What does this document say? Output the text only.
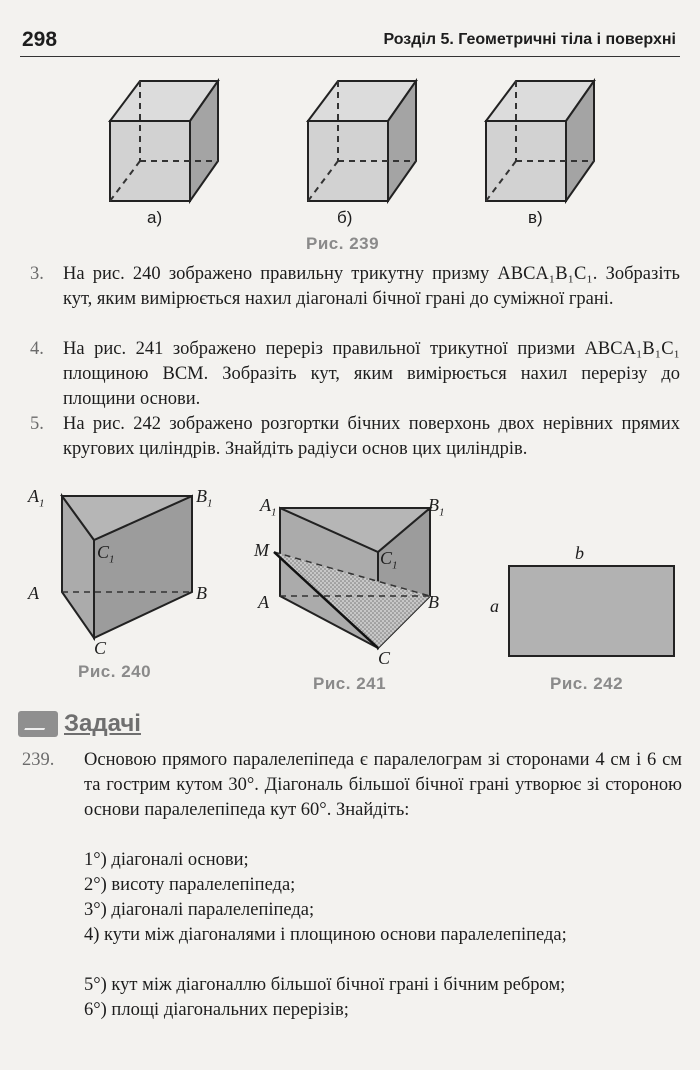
298	Розділ 5. Геометричні тіла і поверхні
а)	б)	в)
Рис. 239
3. На рис. 240 зображено правильну трикутну призму ABCA₁B₁C₁. Зобразіть кут, яким вимірюється нахил діагоналі бічної грані до суміжної грані.
4. На рис. 241 зображено переріз правильної трикутної призми ABCA₁B₁C₁ площиною BCM. Зобразіть кут, яким вимірюється нахил перерізу до площини основи.
5. На рис. 242 зображено розгортки бічних поверхонь двох нерівних прямих кругових циліндрів. Знайдіть радіуси основ цих циліндрів.
$A_1$	$B_1$
$C_1$
A	B
C
Рис. 240
$A_1$	$B_1$
$C_1$
M
A	B
C
Рис. 241
b
a
Рис. 242
Задачі
239. Основою прямого паралелепіпеда є паралелограм зі сторонами 4 см і 6 см та гострим кутом 30°. Діагональ більшої бічної грані утворює зі стороною основи паралелепіпеда кут 60°. Знайдіть:
1°) діагоналі основи;
2°) висоту паралелепіпеда;
3°) діагоналі паралелепіпеда;
4) кути між діагоналями і площиною основи паралелепіпеда;
5°) кут між діагоналлю більшої бічної грані і бічним ребром;
6°) площі діагональних перерізів;
